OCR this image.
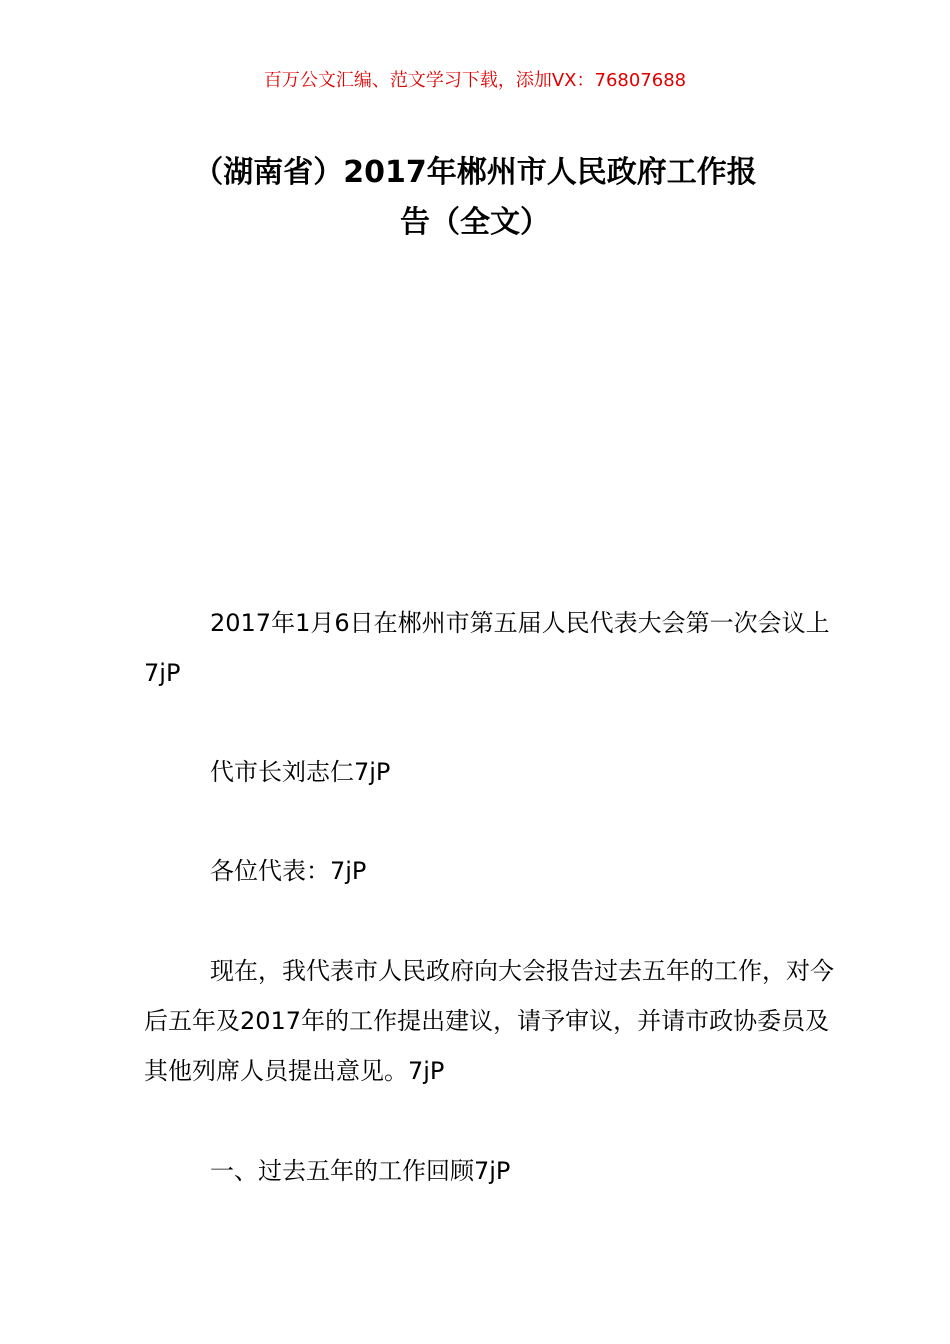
百万公文汇编、范文学习下载，添加VX：76807688
（湖南省）2017年郴州市人民政府工作报
告（全文）

2017年1月6日在郴州市第五届人民代表大会第一次会议上7jP

代市长刘志仁7jP

各位代表：7jP

现在，我代表市人民政府向大会报告过去五年的工作，对今后五年及2017年的工作提出建议，请予审议，并请市政协委员及其他列席人员提出意见。7jP

一、过去五年的工作回顾7jP
